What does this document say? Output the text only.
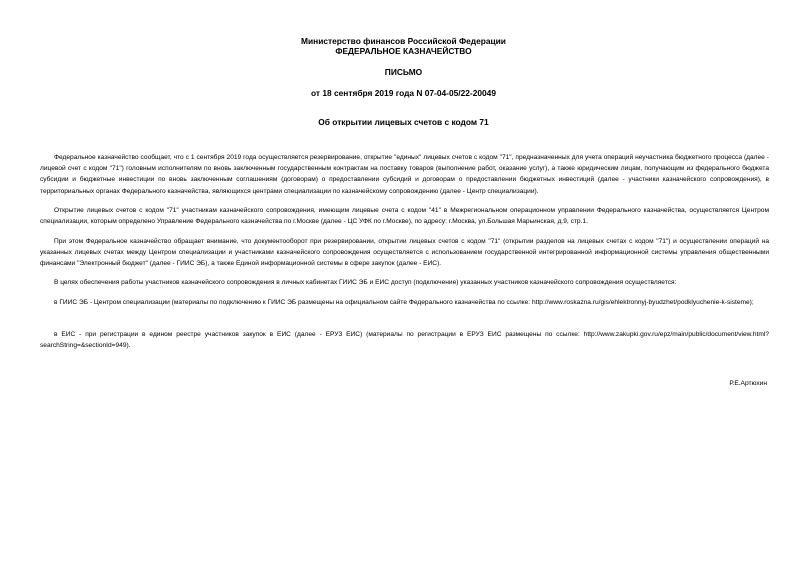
Министерство финансов Российской Федерации
ФЕДЕРАЛЬНОЕ КАЗНАЧЕЙСТВО
ПИСЬМО
от 18 сентября 2019 года N 07-04-05/22-20049
Об открытии лицевых счетов с кодом 71

Федеральное казначейство сообщает, что с 1 сентября 2019 года осуществляется резервирование, открытие "единых" лицевых счетов с кодом "71", предназначенных для учета операций неучастника бюджетного процесса (далее - лицевой счет с кодом "71") головным исполнителям по вновь заключенным государственным контрактам на поставку товаров (выполнение работ, оказание услуг), а также юридическим лицам, получающим из федерального бюджета субсидии и бюджетные инвестиции по вновь заключенным соглашениям (договорам) о предоставлении субсидий и договорам о предоставлении бюджетных инвестиций (далее - участники казначейского сопровождения), в территориальных органах Федерального казначейства, являющихся центрами специализации по казначейскому сопровождению (далее - Центр специализации).

Открытие лицевых счетов с кодом "71" участникам казначейского сопровождения, имеющим лицевые счета с кодом "41" в Межрегиональном операционном управлении Федерального казначейства, осуществляется Центром специализации, которым определено Управление Федерального казначейства по г.Москве (далее - ЦС УФК по г.Москве), по адресу: г.Москва, ул.Большая Марьинская, д.9, стр.1.

При этом Федеральное казначейство обращает внимание, что документооборот при резервировании, открытии лицевых счетов с кодом "71" (открытии разделов на лицевых счетах с кодом "71") и осуществлении операций на указанных лицевых счетах между Центром специализации и участниками казначейского сопровождения осуществляется с использованием государственной интегрированной информационной системы управления общественными финансами "Электронный бюджет" (далее - ГИИС ЭБ), а также Единой информационной системы в сфере закупок (далее - ЕИС).

В целях обеспечения работы участников казначейского сопровождения в личных кабинетах ГИИС ЭБ и ЕИС доступ (подключение) указанных участников казначейского сопровождения осуществляется:

в ГИИС ЭБ - Центром специализации (материалы по подключению к ГИИС ЭБ размещены на официальном сайте Федерального казначейства по ссылке: http://www.roskazna.ru/gis/ehlektronnyj-byudzhet/podklyuchenie-k-sisteme);

в ЕИС - при регистрации в едином реестре участников закупок в ЕИС (далее - ЕРУЗ ЕИС) (материалы по регистрации в ЕРУЗ ЕИС размещены по ссылке: http://www.zakupki.gov.ru/epz/main/public/document/view.html?searchString=&sectionId=949).

Р.Е.Артюхин
